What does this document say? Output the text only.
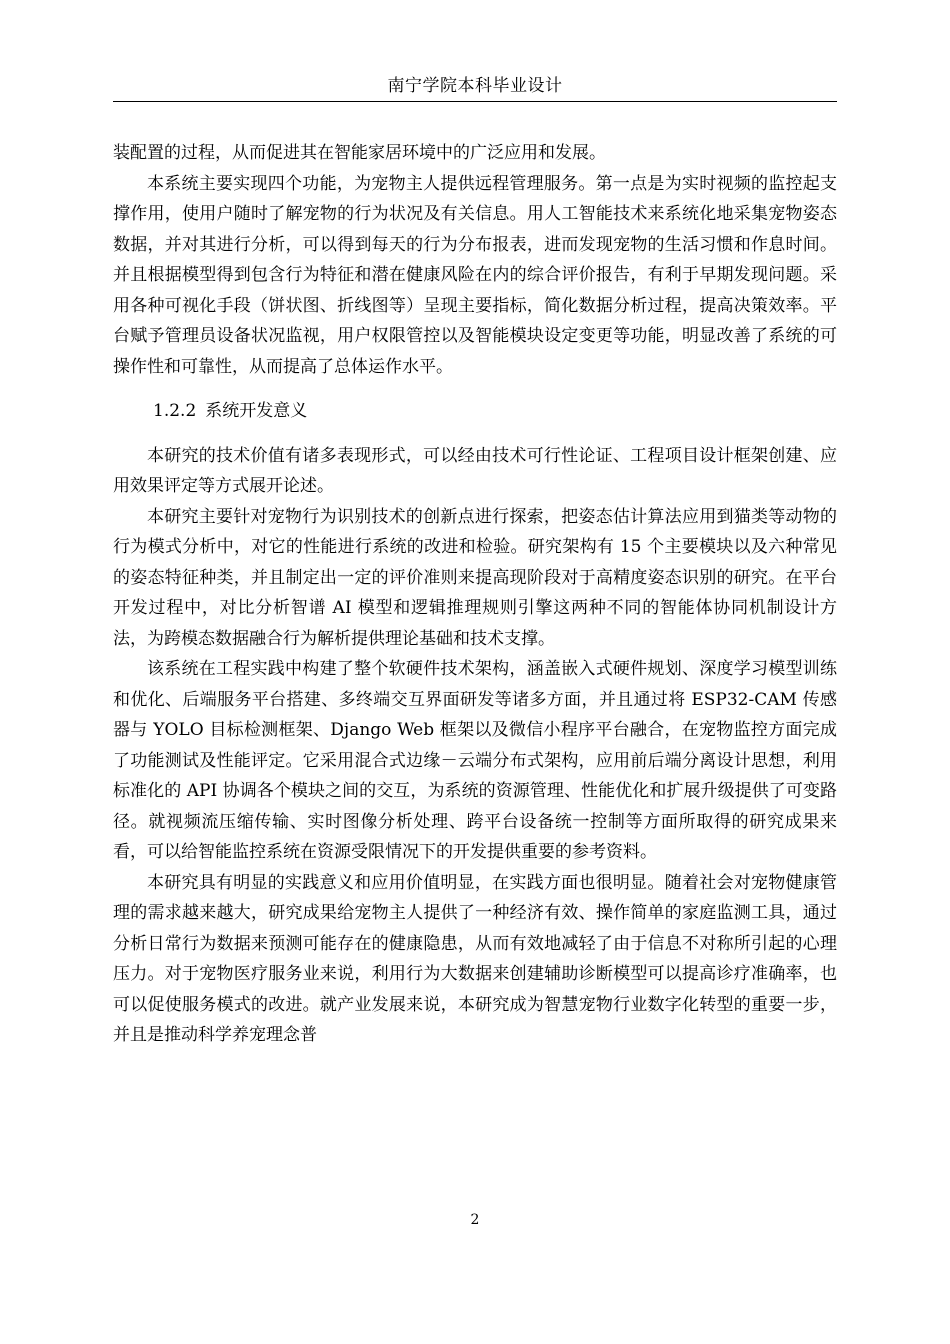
南宁学院本科毕业设计

装配置的过程，从而促进其在智能家居环境中的广泛应用和发展。

本系统主要实现四个功能，为宠物主人提供远程管理服务。第一点是为实时视频的监控起支撑作用，使用户随时了解宠物的行为状况及有关信息。用人工智能技术来系统化地采集宠物姿态数据，并对其进行分析，可以得到每天的行为分布报表，进而发现宠物的生活习惯和作息时间。并且根据模型得到包含行为特征和潜在健康风险在内的综合评价报告，有利于早期发现问题。采用各种可视化手段（饼状图、折线图等）呈现主要指标，简化数据分析过程，提高决策效率。平台赋予管理员设备状况监视，用户权限管控以及智能模块设定变更等功能，明显改善了系统的可操作性和可靠性，从而提高了总体运作水平。

1.2.2 系统开发意义

本研究的技术价值有诸多表现形式，可以经由技术可行性论证、工程项目设计框架创建、应用效果评定等方式展开论述。

本研究主要针对宠物行为识别技术的创新点进行探索，把姿态估计算法应用到猫类等动物的行为模式分析中，对它的性能进行系统的改进和检验。研究架构有 15 个主要模块以及六种常见的姿态特征种类，并且制定出一定的评价准则来提高现阶段对于高精度姿态识别的研究。在平台开发过程中，对比分析智谱 AI 模型和逻辑推理规则引擎这两种不同的智能体协同机制设计方法，为跨模态数据融合行为解析提供理论基础和技术支撑。

该系统在工程实践中构建了整个软硬件技术架构，涵盖嵌入式硬件规划、深度学习模型训练和优化、后端服务平台搭建、多终端交互界面研发等诸多方面，并且通过将 ESP32-CAM 传感器与 YOLO 目标检测框架、Django Web 框架以及微信小程序平台融合，在宠物监控方面完成了功能测试及性能评定。它采用混合式边缘－云端分布式架构，应用前后端分离设计思想，利用标准化的 API 协调各个模块之间的交互，为系统的资源管理、性能优化和扩展升级提供了可变路径。就视频流压缩传输、实时图像分析处理、跨平台设备统一控制等方面所取得的研究成果来看，可以给智能监控系统在资源受限情况下的开发提供重要的参考资料。

本研究具有明显的实践意义和应用价值明显，在实践方面也很明显。随着社会对宠物健康管理的需求越来越大，研究成果给宠物主人提供了一种经济有效、操作简单的家庭监测工具，通过分析日常行为数据来预测可能存在的健康隐患，从而有效地减轻了由于信息不对称所引起的心理压力。对于宠物医疗服务业来说，利用行为大数据来创建辅助诊断模型可以提高诊疗准确率，也可以促使服务模式的改进。就产业发展来说，本研究成为智慧宠物行业数字化转型的重要一步，并且是推动科学养宠理念普

2
